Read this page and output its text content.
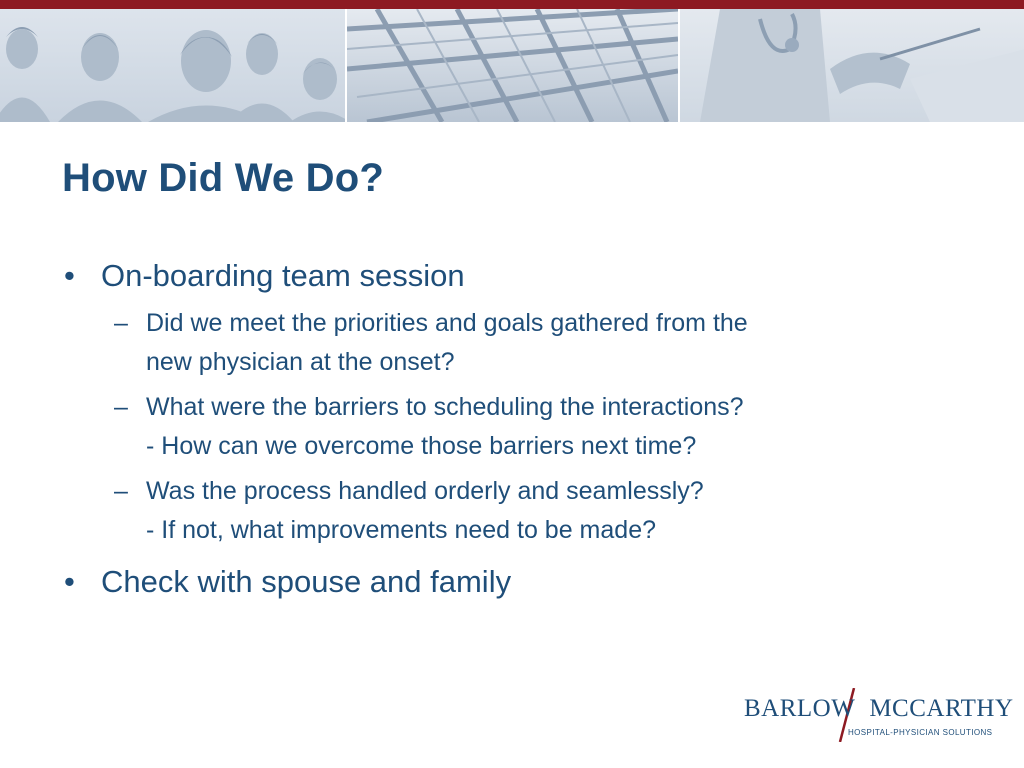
How Did We Do?
• On-boarding team session
– Did we meet the priorities and goals gathered from the
new physician at the onset?
– What were the barriers to scheduling the interactions?
- How can we overcome those barriers next time?
– Was the process handled orderly and seamlessly?
- If not, what improvements need to be made?
• Check with spouse and family
BARLOW MCCARTHY
HOSPITAL-PHYSICIAN SOLUTIONS
